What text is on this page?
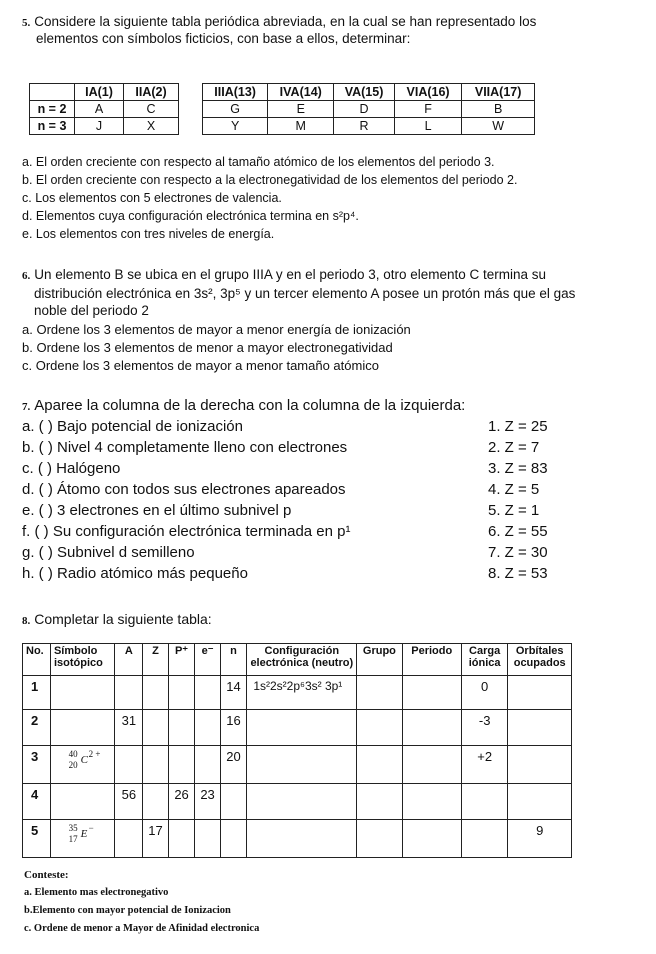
5. Considere la siguiente tabla periódica abreviada, en la cual se han representado los
elementos con símbolos ficticios, con base a ellos, determinar:
	IA(1)	IIA(2)
n = 2	A	C
n = 3	J	X
IIIA(13)	IVA(14)	VA(15)	VIA(16)	VIIA(17)
G	E	D	F	B
Y	M	R	L	W
a. El orden creciente con respecto al tamaño atómico de los elementos del periodo 3.
b. El orden creciente con respecto a la electronegatividad de los elementos del periodo 2.
c. Los elementos con 5 electrones de valencia.
d. Elementos cuya configuración electrónica termina en s²p⁴.
e. Los elementos con tres niveles de energía.
6. Un elemento B se ubica en el grupo IIIA y en el periodo 3, otro elemento C termina su
distribución electrónica en 3s², 3p⁵ y un tercer elemento A posee un protón más que el gas
noble del periodo 2
a. Ordene los 3 elementos de mayor a menor energía de ionización
b. Ordene los 3 elementos de menor a mayor electronegatividad
c. Ordene los 3 elementos de mayor a menor tamaño atómico
7. Aparee la columna de la derecha con la columna de la izquierda:
a. ( ) Bajo potencial de ionización	1. Z = 25
b. ( ) Nivel 4 completamente lleno con electrones	2. Z = 7
c. ( ) Halógeno	3. Z = 83
d. ( ) Átomo con todos sus electrones apareados	4. Z = 5
e. ( ) 3 electrones en el último subnivel p	5. Z = 1
f. ( ) Su configuración electrónica terminada en p¹	6. Z = 55
g. ( ) Subnivel d semilleno	7. Z = 30
h. ( ) Radio atómico más pequeño	8. Z = 53
8. Completar la siguiente tabla:
No.	Símbolo isotópico	A	Z	P⁺	e⁻	n	Configuración electrónica (neutro)	Grupo	Periodo	Carga iónica	Orbítales ocupados
1						14	1s²2s²2p⁶3s² 3p¹			0	
2		31				16				-3	
3	40
20 C 2 +					20				+2	
4		56		26	23						
5	35
17 E −		17								9
Conteste:
a. Elemento mas electronegativo
b.Elemento con mayor potencial de Ionizacion
c. Ordene de menor a Mayor de Afinidad electronica
